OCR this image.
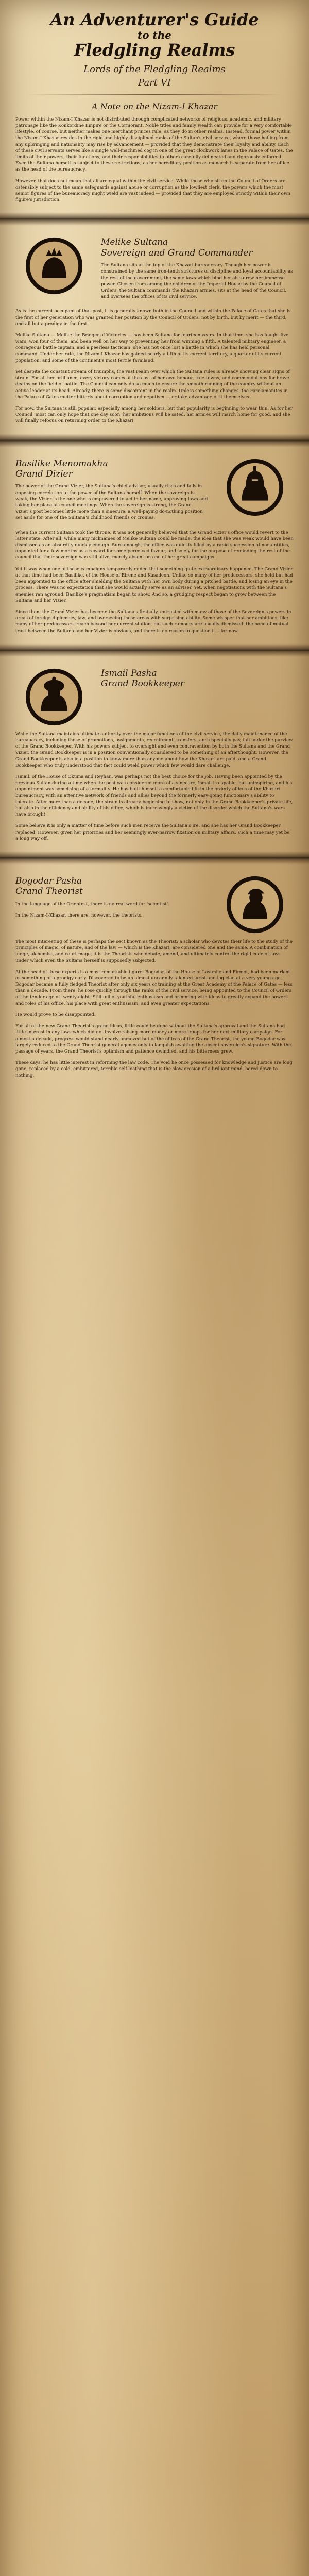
An Adventurer's Guide
to the
Fledgling Realms
Lords of the Fledgling Realms
Part VI
A Note on the Nizam-I Khazar

Power within the Nizam-I Khazar is not distributed through complicated networks of religious, academic, and military patronage like the Konkordine Empire or the Cormorant. Noble titles and family wealth can provide for a very comfortable lifestyle, of course, but neither makes one merchant princes rule, as they do in other realms. Instead, formal power within the Nizam-I Khazar resides in the rigid and highly disciplined ranks of the Sultan's civil service, where those hailing from any upbringing and nationality may rise by advancement — provided that they demonstrate their loyalty and ability. Each of these civil servants serves like a single well-machined cog in one of the great clockwork lanes in the Palace of Gates, the limits of their powers, their functions, and their responsibilities to others carefully delineated and rigorously enforced. Even the Sultana herself is subject to these restrictions, as her hereditary position as monarch is separate from her office as the head of the bureaucracy.

However, that does not mean that all are equal within the civil service. While those who sit on the Council of Orders are ostensibly subject to the same safeguards against abuse or corruption as the lowliest clerk, the powers which the most senior figures of the bureaucracy might wield are vast indeed — provided that they are employed strictly within their own figure's jurisdiction.

Melike Sultana
Sovereign and Grand Commander

The Sultana sits at the top of the Khazari bureaucracy. Though her power is constrained by the same iron-tenth strictures of discipline and loyal accountability as the rest of the government, the same laws which bind her also drew her immense power. Chosen from among the children of the Imperial House by the Council of Orders, the Sultana commands the Khazari armies, sits at the head of the Council, and oversees the offices of its civil service.

As is the current occupant of that post, it is generally known both in the Council and within the Palace of Gates that she is the first of her generation who was granted her position by the Council of Orders, not by birth, but by merit — the third, and all but a prodigy in the first.

Melike Sultana — Melike the Bringer of Victories — has been Sultana for fourteen years. In that time, she has fought five wars, won four of them, and been well on her way to preventing her from winning a fifth. A talented military engineer, a courageous battle-captain, and a peerless tactician, she has not once lost a battle in which she has held personal command. Under her rule, the Nizam-I Khazar has gained nearly a fifth of its current territory, a quarter of its current population, and some of the continent's most fertile farmland.

Yet despite the constant stream of triumphs, the vast realm over which the Sultana rules is already showing clear signs of strain. For all her brilliance, every victory comes at the cost of her own honour, tree-towns, and commendations for brave deaths on the field of battle. The Council can only do so much to ensure the smooth running of the country without an active leader at its head. Already, there is some discontent in the realm. Unless something changes, the Farolamanites in the Palace of Gates mutter bitterly about corruption and nepotism — or take advantage of it themselves.

For now, the Sultana is still popular, especially among her soldiers, but that popularity is beginning to wear thin. As for her Council, most can only hope that one day soon, her ambitions will be sated, her armies will march home for good, and she will finally refocus on returning order to the Khazari.

Basilike Menomakha
Grand Dizier

The power of the Grand Vizier, the Sultana's chief advisor, usually rises and falls in opposing correlation to the power of the Sultana herself. When the sovereign is weak, the Vizier is the one who is empowered to act in her name, approving laws and taking her place at council meetings. When the sovereign is strong, the Grand Vizier's post becomes little more than a sinecure: a well-paying do-nothing position set aside for one of the Sultana's childhood friends or cronies.

When the current Sultana took the throne, it was not generally believed that the Grand Vizier's office would revert to the latter state. After all, while many nicknames of Melike Sultana could be made, the idea that she was weak would have been dismissed as an absurdity quickly enough. Sure enough, the office was quickly filled by a rapid succession of non-entities, appointed for a few months as a reward for some perceived favour, and solely for the purpose of reminding the rest of the council that their sovereign was still alive, merely absent on one of her great campaigns.

Yet it was when one of these campaigns temporarily ended that something quite extraordinary happened. The Grand Vizier at that time had been Basilike, of the House of Eirene and Kasadeon. Unlike so many of her predecessors, she held but had been appointed to the office after shielding the Sultana with her own body during a pitched battle, and losing an eye in the process. There was no expectation that she would actually serve as an adviser. Yet, when negotiations with the Sultana's enemies ran aground, Basilike's pragmatism began to show. And so, a grudging respect began to grow between the Sultana and her Vizier.

Since then, the Grand Vizier has become the Sultana's first ally, entrusted with many of those of the Sovereign's powers in areas of foreign diplomacy, law, and overseeing those areas with surprising ability. Some whisper that her ambitions, like many of her predecessors, reach beyond her current station, but such rumours are usually dismissed: the bond of mutual trust between the Sultana and her Vizier is obvious, and there is no reason to question it... for now.

Ismail Pasha
Grand Bookkeeper

While the Sultana maintains ultimate authority over the major functions of the civil service, the daily maintenance of the bureaucracy, including those of promotions, assignments, recruitment, transfers, and especially pay, fall under the purview of the Grand Bookkeeper. With his powers subject to oversight and even contravention by both the Sultana and the Grand Vizier, the Grand Bookkeeper is in a position conventionally considered to be something of an afterthought. However, the Grand Bookkeeper is also in a position to know more than anyone about how the Khazari are paid, and a Grand Bookkeeper who truly understood that fact could wield power which few would dare challenge.

Ismail, of the House of Okuma and Reyhan, was perhaps not the best choice for the job. Having been appointed by the previous Sultan during a time when the post was considered more of a sinecure, Ismail is capable, but uninspiring, and his appointment was something of a formality. He has built himself a comfortable life in the orderly offices of the Khazari bureaucracy, with an attentive network of friends and allies beyond the formerly easy-going functionary's ability to tolerate. After more than a decade, the strain is already beginning to show, not only in the Grand Bookkeeper's private life, but also in the efficiency and ability of his office, which is increasingly a victim of the disorder which the Sultana's wars have brought.

Some believe it is only a matter of time before such men receive the Sultana's ire, and she has her Grand Bookkeeper replaced. However, given her priorities and her seemingly ever-narrow fixation on military affairs, such a time may yet be a long way off.

Bogodar Pasha
Grand Theorist

In the language of the Orientest, there is no real word for 'scientist'.

In the Nizam-I-Khazar, there are, however, the theorists.

The most interesting of these is perhaps the sect known as the Theorist: a scholar who devotes their life to the study of the principles of magic, of nature, and of the law — which is the Khazari, are considered one and the same. A combination of judge, alchemist, and court mage, it is the Theorists who debate, amend, and ultimately control the rigid code of laws under which even the Sultana herself is supposedly subjected.

At the head of these experts is a most remarkable figure: Bogodar, of the House of Lastmile and Firmot, had been marked as something of a prodigy early. Discovered to be an almost uncannily talented jurist and logician at a very young age, Bogodar became a fully fledged Theorist after only six years of training at the Great Academy of the Palace of Gates — less than a decade. From there, he rose quickly through the ranks of the civil service, being appointed to the Council of Orders at the tender age of twenty-eight. Still full of youthful enthusiasm and brimming with ideas to greatly expand the powers and roles of his office, his place with great enthusiasm, and even greater expectations.

He would prove to be disappointed.

For all of the new Grand Theorist's grand ideas, little could be done without the Sultana's approval and the Sultana had little interest in any laws which did not involve raising more money or more troops for her next military campaign. For almost a decade, progress would stand nearly unmoved but of the offices of the Grand Theorist, the young Bogodar was largely reduced to the Grand Theorist general agency only to languish awaiting the absent sovereign's signature. With the passage of years, the Grand Theorist's optimism and patience dwindled, and his bitterness grew.

These days, he has little interest in reforming the law code. The void he once possessed for knowledge and justice are long gone, replaced by a cold, embittered, terrible self-loathing that is the slow erosion of a brilliant mind, bored down to nothing.
